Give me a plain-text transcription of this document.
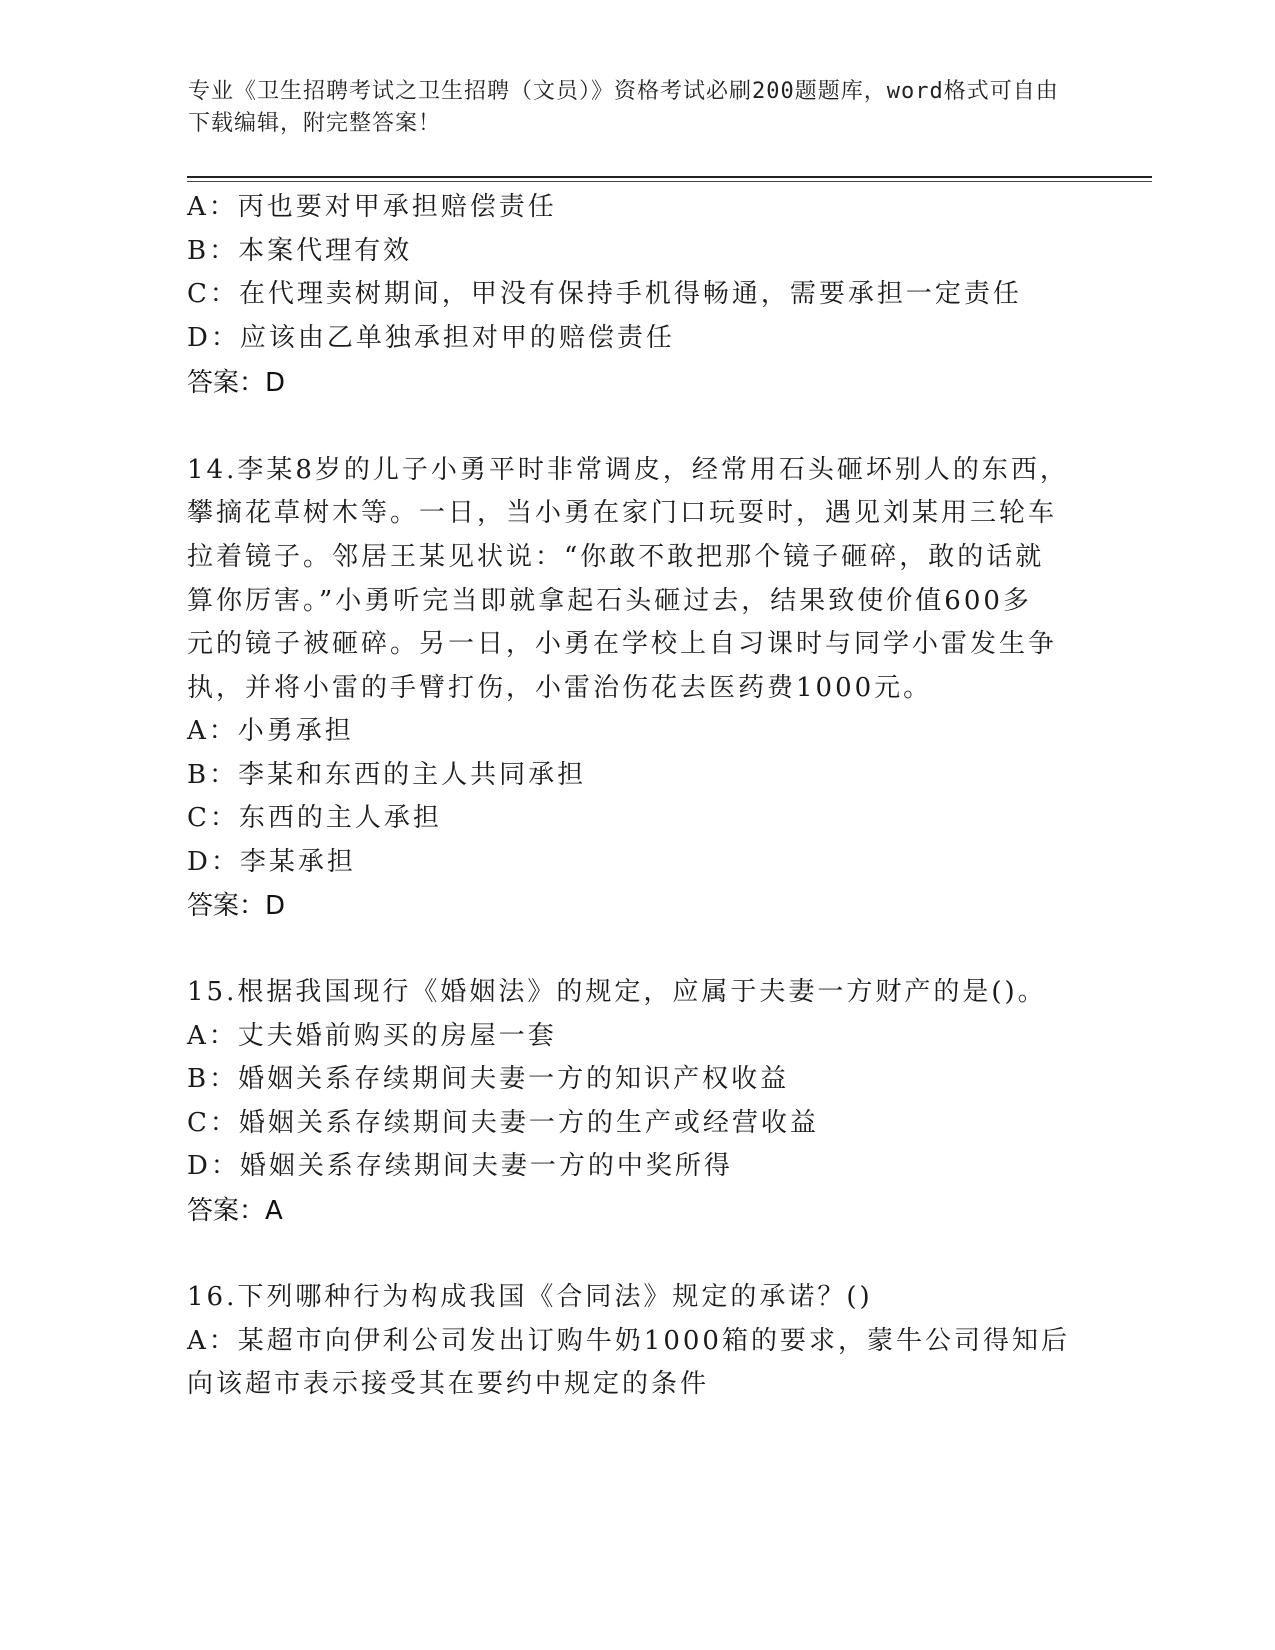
专业《卫生招聘考试之卫生招聘（文员）》资格考试必刷200题题库，word格式可自由下载编辑，附完整答案！
A：丙也要对甲承担赔偿责任
B：本案代理有效
C：在代理卖树期间，甲没有保持手机得畅通，需要承担一定责任
D：应该由乙单独承担对甲的赔偿责任
答案：D
14.李某8岁的儿子小勇平时非常调皮，经常用石头砸坏别人的东西，
攀摘花草树木等。一日，当小勇在家门口玩耍时，遇见刘某用三轮车
拉着镜子。邻居王某见状说：“你敢不敢把那个镜子砸碎，敢的话就
算你厉害。”小勇听完当即就拿起石头砸过去，结果致使价值600多
元的镜子被砸碎。另一日，小勇在学校上自习课时与同学小雷发生争
执，并将小雷的手臂打伤，小雷治伤花去医药费1000元。
A：小勇承担
B：李某和东西的主人共同承担
C：东西的主人承担
D：李某承担
答案：D
15.根据我国现行《婚姻法》的规定，应属于夫妻一方财产的是()。
A：丈夫婚前购买的房屋一套
B：婚姻关系存续期间夫妻一方的知识产权收益
C：婚姻关系存续期间夫妻一方的生产或经营收益
D：婚姻关系存续期间夫妻一方的中奖所得
答案：A
16.下列哪种行为构成我国《合同法》规定的承诺？()
A：某超市向伊利公司发出订购牛奶1000箱的要求，蒙牛公司得知后
向该超市表示接受其在要约中规定的条件
